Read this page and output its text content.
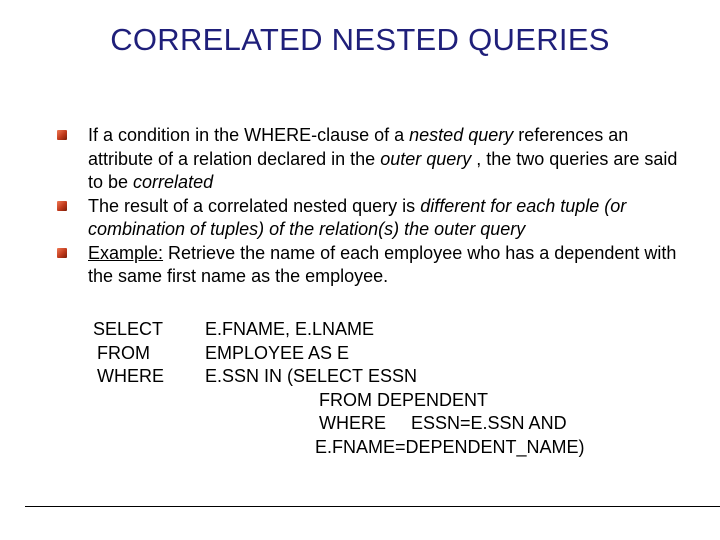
CORRELATED NESTED QUERIES
If a condition in the WHERE-clause of a nested query references an attribute of a relation declared in the outer query , the two queries are said to be correlated
The result of a correlated nested query is different for each tuple (or combination of tuples) of the relation(s) the outer query
Example: Retrieve the name of each employee who has a dependent with the same first name as the employee.
SELECT
FROM
WHERE
E.FNAME, E.LNAME
EMPLOYEE AS E
E.SSN IN (SELECT ESSN
FROM DEPENDENT
WHERE     ESSN=E.SSN AND
E.FNAME=DEPENDENT_NAME)
